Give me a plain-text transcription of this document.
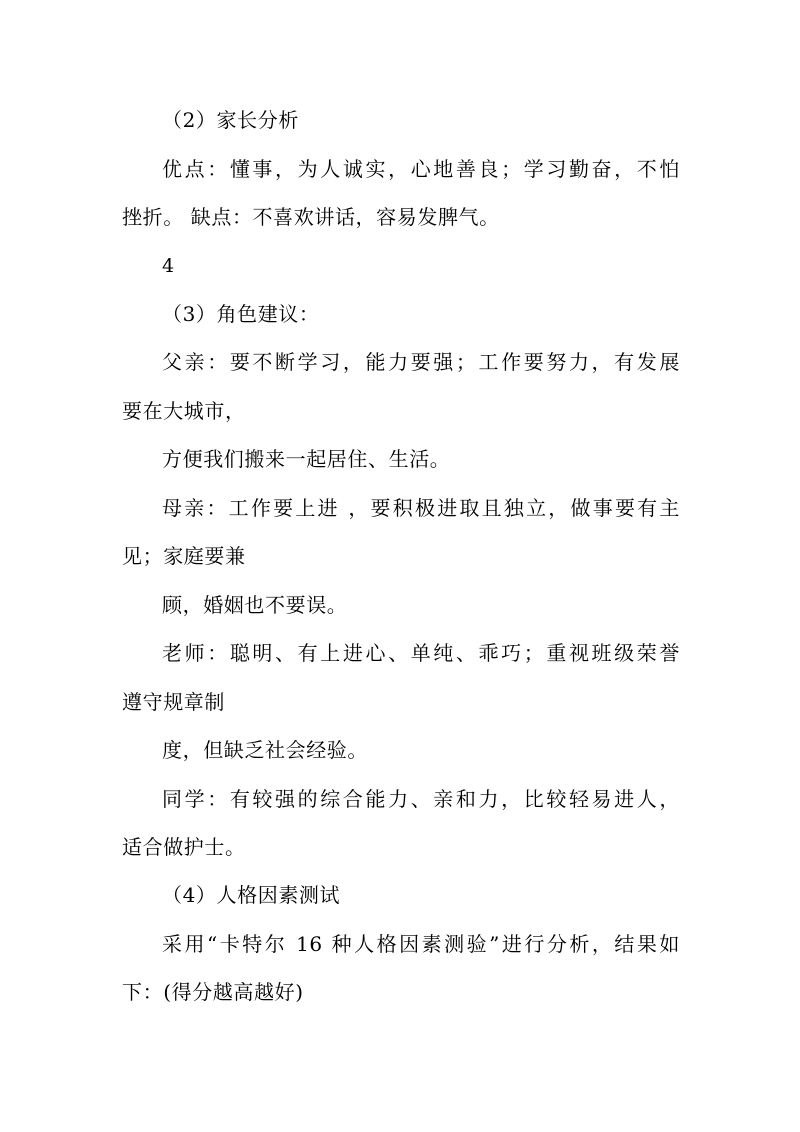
（2）家长分析
优点：懂事，为人诚实，心地善良；学习勤奋，不怕
挫折。 缺点：不喜欢讲话，容易发脾气。
4
（3）角色建议：
父亲：要不断学习，能力要强；工作要努力，有发展
要在大城市，
方便我们搬来一起居住、生活。
母亲：工作要上进 ，要积极进取且独立，做事要有主
见；家庭要兼
顾，婚姻也不要误。
老师：聪明、有上进心、单纯、乖巧；重视班级荣誉
遵守规章制
度，但缺乏社会经验。
同学：有较强的综合能力、亲和力，比较轻易进人，
适合做护士。
（4）人格因素测试
采用“卡特尔 16 种人格因素测验”进行分析，结果如
下：(得分越高越好)
